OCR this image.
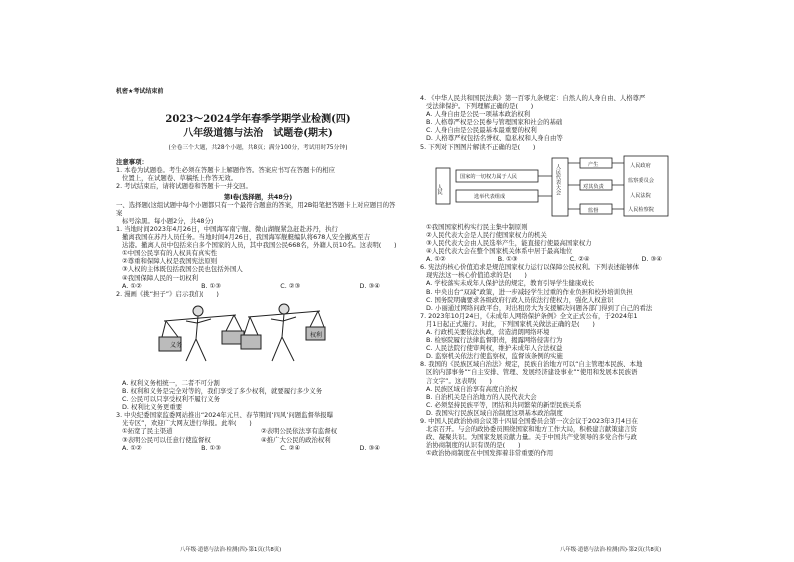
机密★考试结束前
2023～2024学年春季学期学业检测(四)
八年级道德与法治　试题卷(期末)
(全卷三个大题，共28个小题，共8页；满分100分，考试用时75分钟)
注意事项：
1. 本卷为试题卷。考生必须在答题卡上解题作答。答案应书写在答题卡的相应
位置上，在试题卷、草稿纸上作答无效。
2. 考试结束后，请将试题卷和答题卡一并交回。
第Ⅰ卷(选择题，共48分)
一、选择题(这组试题中每个小题都只有一个最符合题意的答案，用2B铅笔把答题卡上对应题目的答案
标号涂黑。每小题2分，共48分)
1. 当地时间2023年4月26日，中国海军南宁舰、微山湖舰紧急赶赴苏丹，执行
撤离我国在苏丹人员任务。当地时间4月26日，我国海军舰艇编队将678人安全撤离至吉
达港。撤离人员中包括来自多个国家的人员，其中我国公民668名，外籍人员10名。这表明(　　)
①中国公民享有的人权具有真实性
②尊重和保障人权是我国宪法原则
③人权的主体既包括我国公民也包括外国人
④我国保障人民的一切权利
A. ①②	B. ①③	C. ②③	D. ③④
2. 漫画《挑“担子”》启示我们(　　)
义务
权利
A. 权利义务相统一，二者不可分割
B. 权利和义务是完全对等的，我们享受了多少权利，就要履行多少义务
C. 公民可以只享受权利不履行义务
D. 权利比义务更重要
3. 中央纪委国家监委网站推出“2024年元旦、春节期间‘四风’问题监督举报曝
光专区”，欢迎广大网友进行举报。此举(　　)
①拓宽了民主渠道	②表明公民依法享有监督权
③表明公民可以任意行使监督权	④推广大公民的政治权利
A. ①②	B. ①③	C. ②④	D. ③④
八年级·道德与法治·检测(四)·第1页(共8页)
4. 《中华人民共和国民法典》第一百零九条规定：自然人的人身自由、人格尊严
受法律保护。下列理解正确的是(　　)
A. 人身自由是公民一项基本政治权利
B. 人格尊严权是公民参与管理国家和社会的基础
C. 人身自由是公民最基本最重要的权利
D. 人格尊严权包括名誉权、隐私权和人身自由等
5. 下列对下图图片解读不正确的是(　　)
人民
国家的一切权力属于人民
选举代表组成
人民代表大会	产生
对其负责
监督
人民政府
监察委员会
人民法院
人民检察院
①我国国家机构实行民主集中制原则
②人民代表大会是人民行使国家权力的机关
③人民代表大会由人民选举产生，能直接行使最高国家权力
④人民代表大会在整个国家机关体系中居于最高地位
A. ①②	B. ①③	C. ②④	D. ③④
6. 宪法的核心价值追求是规范国家权力运行以保障公民权利。下列表述能够体
现宪法这一核心价值追求的是(　　)
A. 学校落实未成年人保护法的规定，教育引导学生健康成长
B. 中央出台“双减”政策，进一步减轻学生过重的作业负担和校外培训负担
C. 国务院明确要求各级政府行政人员依法行使权力，强化人权意识
D. 小丽通过网络问政平台，对出租房大为支援解决问题各部门得到了自己的看法
7. 2023年10月24日，《未成年人网络保护条例》全文正式公布，于2024年1
月1日起正式施行。对此，下列国家机关做法正确的是(　　)
A. 行政机关要依法执政，营造清朗网络环境
B. 检察院履行法律监督职责，揭露网络侵害行为
C. 人民法院行使审判权，维护未成年人合法权益
D. 监察机关依法行使监察权，监督该条例的实施
8. 我国的《民族区域自治法》规定，民族自治地方可以“自主管理本民族、本地
区的内部事务”“自主安排、管理、发展经济建设事业”“使用和发展本民族语
言文字”。这表明(　　)
A. 民族区域自治享有高度自治权
B. 自治机关是自治地方的人民代表大会
C. 必须坚持民族平等，团结和共同繁荣的新型民族关系
D. 我国实行民族区域自治制度这项基本政治制度
9. 中国人民政治协商会议第十四届全国委员会第一次会议于2023年3月4日在
北京召开。与会的政协委员围绕国家和地方工作大局，积极建言献策建言资
政、凝聚共识。为国家发展贡献力量。关于中国共产党领导的多党合作与政
治协商制度的认识有误的是(　　)
①政治协商制度在中国发挥着非常重要的作用
八年级·道德与法治·检测(四)·第2页(共8页)
